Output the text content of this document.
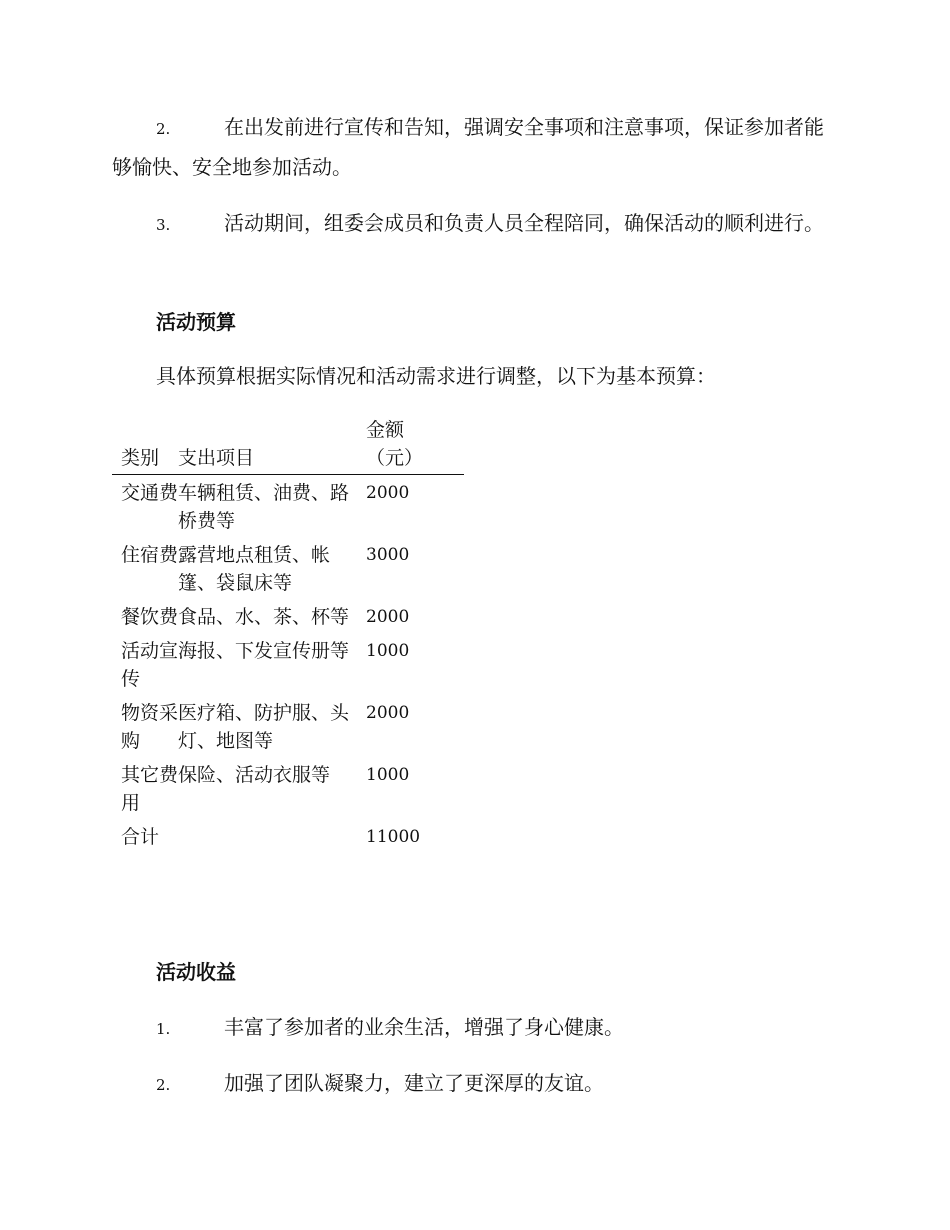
2.	在出发前进行宣传和告知，强调安全事项和注意事项，保证参加者能够愉快、安全地参加活动。
3.	活动期间，组委会成员和负责人员全程陪同，确保活动的顺利进行。
活动预算
具体预算根据实际情况和活动需求进行调整，以下为基本预算：
类别	支出项目	金额（元）

交通费	车辆租赁、油费、路桥费等	2000
住宿费	露营地点租赁、帐篷、袋鼠床等	3000
餐饮费	食品、水、茶、杯等	2000
活动宣传	海报、下发宣传册等	1000
物资采购	医疗箱、防护服、头灯、地图等	2000
其它费用	保险、活动衣服等	1000
合计		11000
活动收益
1.	丰富了参加者的业余生活，增强了身心健康。
2.	加强了团队凝聚力，建立了更深厚的友谊。
